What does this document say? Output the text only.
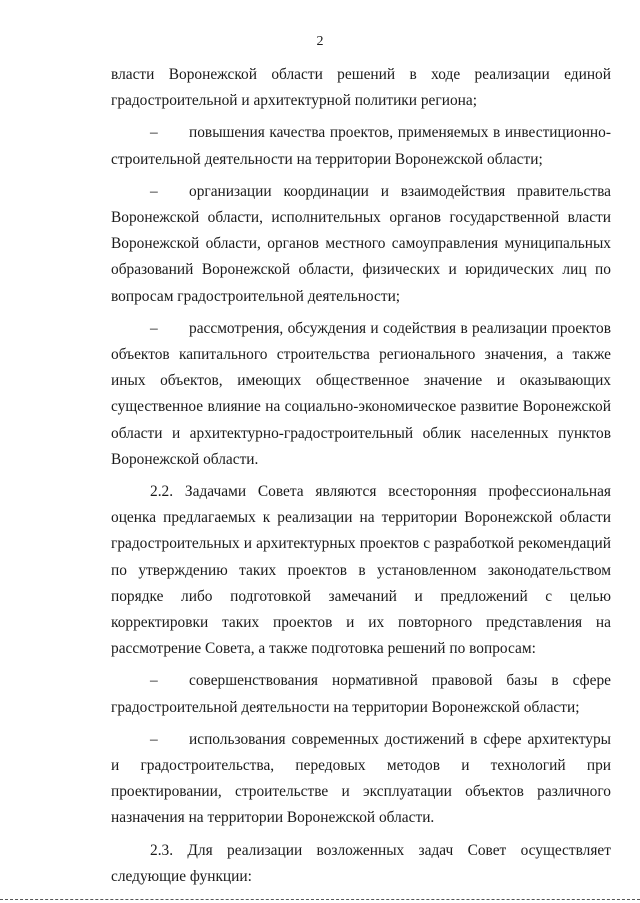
2

власти Воронежской области решений в ходе реализации единой градостроительной и архитектурной политики региона;

– повышения качества проектов, применяемых в инвестиционно-строительной деятельности на территории Воронежской области;

– организации координации и взаимодействия правительства Воронежской области, исполнительных органов государственной власти Воронежской области, органов местного самоуправления муниципальных образований Воронежской области, физических и юридических лиц по вопросам градостроительной деятельности;

– рассмотрения, обсуждения и содействия в реализации проектов объектов капитального строительства регионального значения, а также иных объектов, имеющих общественное значение и оказывающих существенное влияние на социально-экономическое развитие Воронежской области и архитектурно-градостроительный облик населенных пунктов Воронежской области.

2.2. Задачами Совета являются всесторонняя профессиональная оценка предлагаемых к реализации на территории Воронежской области градостроительных и архитектурных проектов с разработкой рекомендаций по утверждению таких проектов в установленном законодательством порядке либо подготовкой замечаний и предложений с целью корректировки таких проектов и их повторного представления на рассмотрение Совета, а также подготовка решений по вопросам:

– совершенствования нормативной правовой базы в сфере градостроительной деятельности на территории Воронежской области;

– использования современных достижений в сфере архитектуры и градостроительства, передовых методов и технологий при проектировании, строительстве и эксплуатации объектов различного назначения на территории Воронежской области.

2.3. Для реализации возложенных задач Совет осуществляет следующие функции:
